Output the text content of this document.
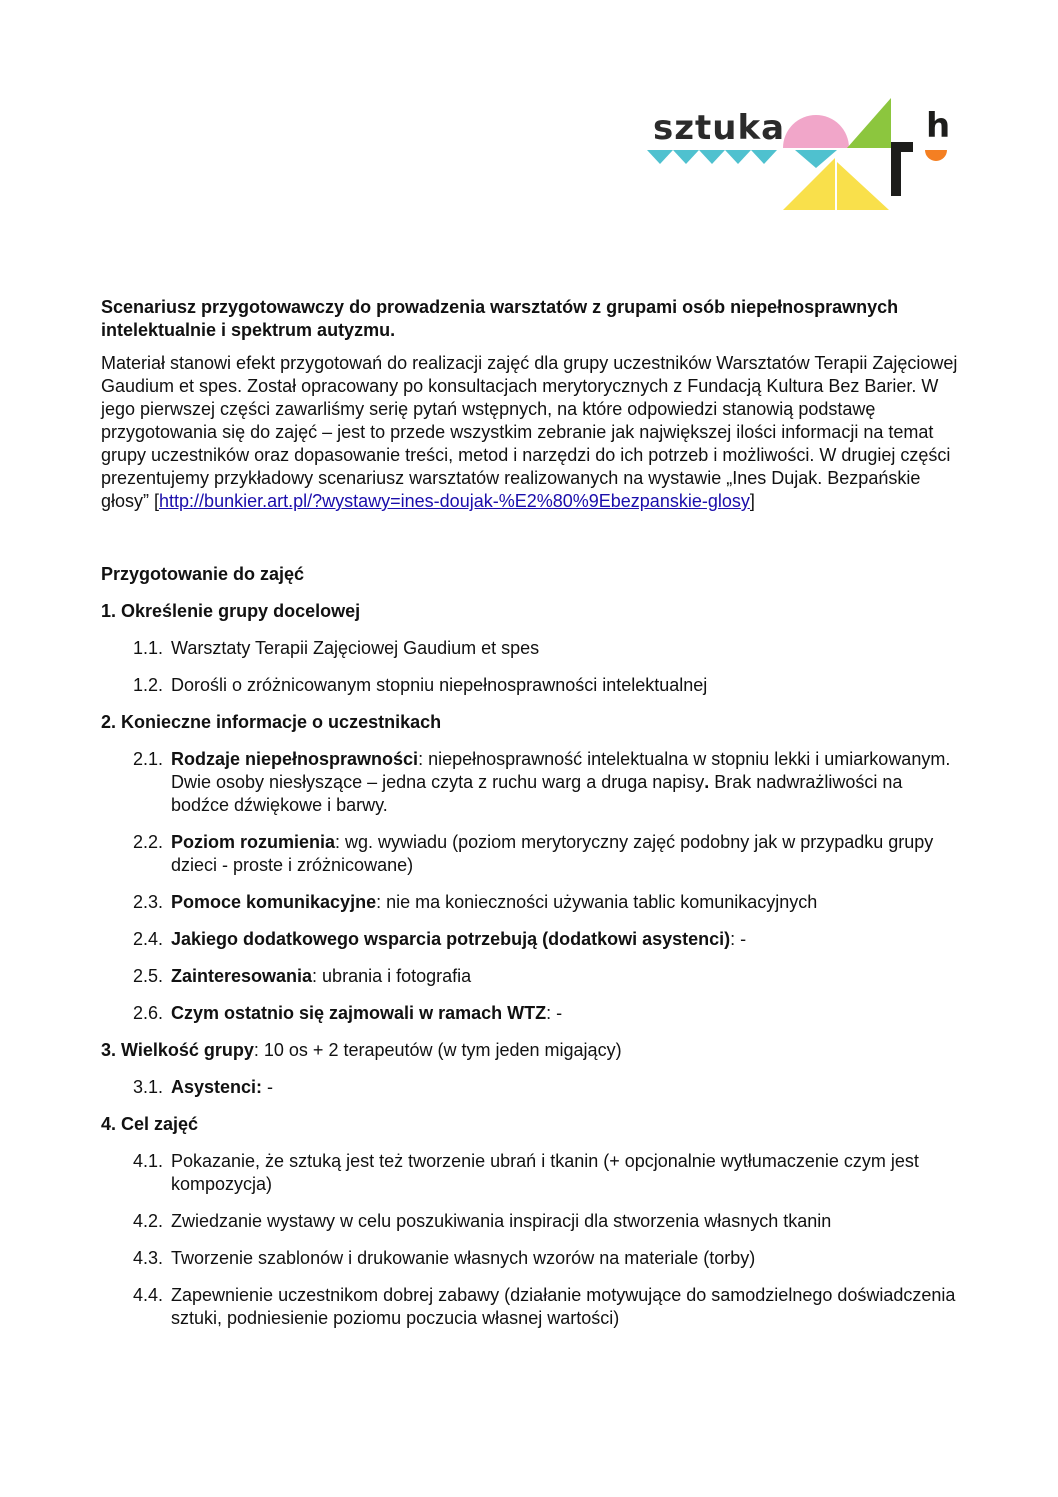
h
sztuka

Scenariusz przygotowawczy do prowadzenia warsztatów z grupami osób niepełnosprawnych intelektualnie i spektrum autyzmu.

Materiał stanowi efekt przygotowań do realizacji zajęć dla grupy uczestników Warsztatów Terapii Zajęciowej Gaudium et spes. Został opracowany po konsultacjach merytorycznych z Fundacją Kultura Bez Barier. W jego pierwszej części zawarliśmy serię pytań wstępnych, na które odpowiedzi stanowią podstawę przygotowania się do zajęć – jest to przede wszystkim zebranie jak największej ilości informacji na temat grupy uczestników oraz dopasowanie treści, metod i narzędzi do ich potrzeb i możliwości. W drugiej części prezentujemy przykładowy scenariusz warsztatów realizowanych na wystawie „Ines Dujak. Bezpańskie głosy” [http://bunkier.art.pl/?wystawy=ines-doujak-%E2%80%9Ebezpanskie-glosy]

Przygotowanie do zajęć

1. Określenie grupy docelowej

1.1. Warsztaty Terapii Zajęciowej Gaudium et spes
1.2. Dorośli o zróżnicowanym stopniu niepełnosprawności intelektualnej

2. Konieczne informacje o uczestnikach

2.1. Rodzaje niepełnosprawności: niepełnosprawność intelektualna w stopniu lekki i umiarkowanym. Dwie osoby niesłyszące – jedna czyta z ruchu warg a druga napisy. Brak nadwrażliwości na bodźce dźwiękowe i barwy.
2.2. Poziom rozumienia: wg. wywiadu (poziom merytoryczny zajęć podobny jak w przypadku grupy dzieci - proste i zróżnicowane)
2.3. Pomoce komunikacyjne: nie ma konieczności używania tablic komunikacyjnych
2.4. Jakiego dodatkowego wsparcia potrzebują (dodatkowi asystenci): -
2.5. Zainteresowania: ubrania i fotografia
2.6. Czym ostatnio się zajmowali w ramach WTZ: -

3. Wielkość grupy: 10 os + 2 terapeutów (w tym jeden migający)

3.1. Asystenci: -

4. Cel zajęć

4.1. Pokazanie, że sztuką jest też tworzenie ubrań i tkanin (+ opcjonalnie wytłumaczenie czym jest kompozycja)
4.2. Zwiedzanie wystawy w celu poszukiwania inspiracji dla stworzenia własnych tkanin
4.3. Tworzenie szablonów i drukowanie własnych wzorów na materiale (torby)
4.4. Zapewnienie uczestnikom dobrej zabawy (działanie motywujące do samodzielnego doświadczenia sztuki, podniesienie poziomu poczucia własnej wartości)
